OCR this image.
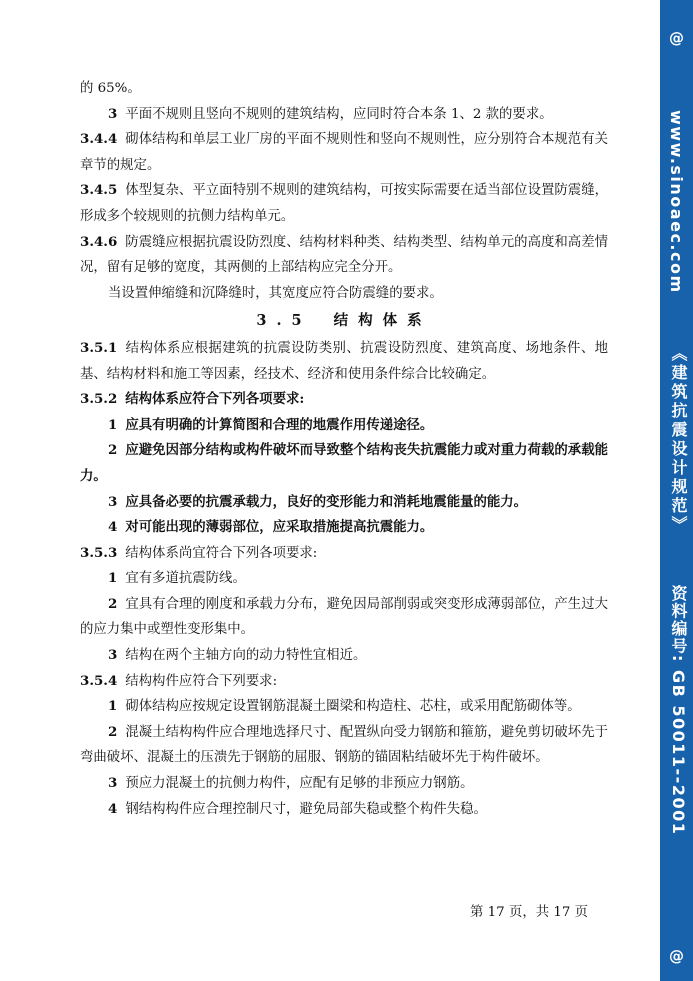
的 65%。

3 平面不规则且竖向不规则的建筑结构，应同时符合本条 1、2 款的要求。

3.4.4 砌体结构和单层工业厂房的平面不规则性和竖向不规则性，应分别符合本规范有关章节的规定。

3.4.5 体型复杂、平立面特别不规则的建筑结构，可按实际需要在适当部位设置防震缝，形成多个较规则的抗侧力结构单元。

3.4.6 防震缝应根据抗震设防烈度、结构材料种类、结构类型、结构单元的高度和高差情况，留有足够的宽度，其两侧的上部结构应完全分开。

当设置伸缩缝和沉降缝时，其宽度应符合防震缝的要求。

3.5 结构体系

3.5.1 结构体系应根据建筑的抗震设防类别、抗震设防烈度、建筑高度、场地条件、地基、结构材料和施工等因素，经技术、经济和使用条件综合比较确定。

3.5.2 结构体系应符合下列各项要求:

1 应具有明确的计算简图和合理的地震作用传递途径。

2 应避免因部分结构或构件破坏而导致整个结构丧失抗震能力或对重力荷载的承载能力。

3 应具备必要的抗震承载力，良好的变形能力和消耗地震能量的能力。

4 对可能出现的薄弱部位，应采取措施提高抗震能力。

3.5.3 结构体系尚宜符合下列各项要求:

1 宜有多道抗震防线。

2 宜具有合理的刚度和承载力分布，避免因局部削弱或突变形成薄弱部位，产生过大的应力集中或塑性变形集中。

3 结构在两个主轴方向的动力特性宜相近。

3.5.4 结构构件应符合下列要求:

1 砌体结构应按规定设置钢筋混凝土圈梁和构造柱、芯柱，或采用配筋砌体等。

2 混凝土结构构件应合理地选择尺寸、配置纵向受力钢筋和箍筋，避免剪切破坏先于弯曲破坏、混凝土的压溃先于钢筋的屈服、钢筋的锚固粘结破坏先于构件破坏。

3 预应力混凝土的抗侧力构件，应配有足够的非预应力钢筋。

4 钢结构构件应合理控制尺寸，避免局部失稳或整个构件失稳。

第 17 页，共 17 页
@
www.sinoaec.com
《建筑抗震设计规范》
资料编号: GB 50011--2001
@
